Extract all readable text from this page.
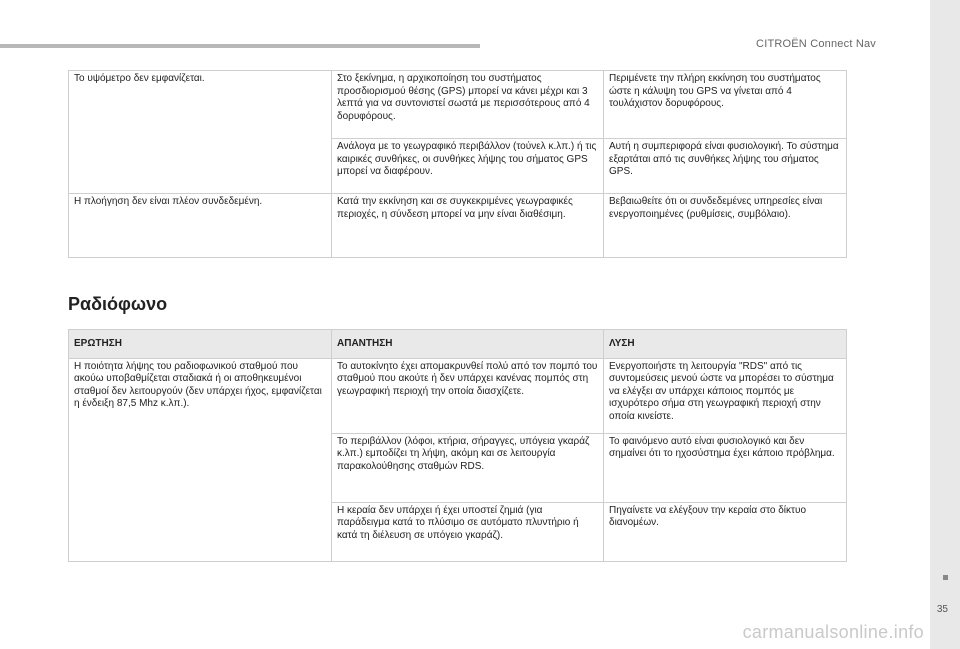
CITROËN Connect Nav
35
Το υψόμετρο δεν εμφανίζεται.	Στο ξεκίνημα, η αρχικοποίηση του συστήματος προσδιορισμού θέσης (GPS) μπορεί να κάνει μέχρι και 3 λεπτά για να συντονιστεί σωστά με περισσότερους από 4 δορυφόρους.	Περιμένετε την πλήρη εκκίνηση του συστήματος ώστε η κάλυψη του GPS να γίνεται από 4 τουλάχιστον δορυφόρους.
	Ανάλογα με το γεωγραφικό περιβάλλον (τούνελ κ.λπ.) ή τις καιρικές συνθήκες, οι συνθήκες λήψης του σήματος GPS μπορεί να διαφέρουν.	Αυτή η συμπεριφορά είναι φυσιολογική. Το σύστημα εξαρτάται από τις συνθήκες λήψης του σήματος GPS.
Η πλοήγηση δεν είναι πλέον συνδεδεμένη.	Κατά την εκκίνηση και σε συγκεκριμένες γεωγραφικές περιοχές, η σύνδεση μπορεί να μην είναι διαθέσιμη.	Βεβαιωθείτε ότι οι συνδεδεμένες υπηρεσίες είναι ενεργοποιημένες (ρυθμίσεις, συμβόλαιο).
Ραδιόφωνο
ΕΡΩΤΗΣΗ	ΑΠΑΝΤΗΣΗ	ΛΥΣΗ
Η ποιότητα λήψης του ραδιοφωνικού σταθμού που ακούω υποβαθμίζεται σταδιακά ή οι αποθηκευμένοι σταθμοί δεν λειτουργούν (δεν υπάρχει ήχος, εμφανίζεται η ένδειξη 87,5 Mhz κ.λπ.).	Το αυτοκίνητο έχει απομακρυνθεί πολύ από τον πομπό του σταθμού που ακούτε ή δεν υπάρχει κανένας πομπός στη γεωγραφική περιοχή την οποία διασχίζετε.	Ενεργοποιήστε τη λειτουργία "RDS" από τις συντομεύσεις μενού ώστε να μπορέσει το σύστημα να ελέγξει αν υπάρχει κάποιος πομπός με ισχυρότερο σήμα στη γεωγραφική περιοχή στην οποία κινείστε.
	Το περιβάλλον (λόφοι, κτήρια, σήραγγες, υπόγεια γκαράζ κ.λπ.) εμποδίζει τη λήψη, ακόμη και σε λειτουργία παρακολούθησης σταθμών RDS.	Το φαινόμενο αυτό είναι φυσιολογικό και δεν σημαίνει ότι το ηχοσύστημα έχει κάποιο πρόβλημα.
	Η κεραία δεν υπάρχει ή έχει υποστεί ζημιά (για παράδειγμα κατά το πλύσιμο σε αυτόματο πλυντήριο ή κατά τη διέλευση σε υπόγειο γκαράζ).	Πηγαίνετε να ελέγξουν την κεραία στο δίκτυο διανομέων.
carmanualsonline.info
